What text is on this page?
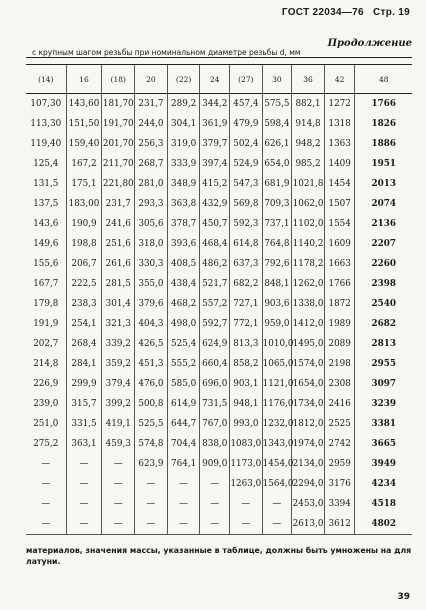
ГОСТ 22034—76 Стр. 19
Продолжение
с крупным шагом резьбы при номинальном диаметре резьбы d, мм
(14)	16	(18)	20	(22)	24	(27)	30	36	42	48
107,30	143,60	181,70	231,7	289,2	344,2	457,4	575,5	882,1	1272	1766
113,30	151,50	191,70	244,0	304,1	361,9	479,9	598,4	914,8	1318	1826
119,40	159,40	201,70	256,3	319,0	379,7	502,4	626,1	948,2	1363	1886
125,4	167,2	211,70	268,7	333,9	397,4	524,9	654,0	985,2	1409	1951
131,5	175,1	221,80	281,0	348,9	415,2	547,3	681,9	1021,8	1454	2013
137,5	183,00	231,7	293,3	363,8	432,9	569,8	709,3	1062,0	1507	2074
143,6	190,9	241,6	305,6	378,7	450,7	592,3	737,1	1102,0	1554	2136
149,6	198,8	251,6	318,0	393,6	468,4	614,8	764,8	1140,2	1609	2207
155,6	206,7	261,6	330,3	408,5	486,2	637,3	792,6	1178,2	1663	2260
167,7	222,5	281,5	355,0	438,4	521,7	682,2	848,1	1262,0	1766	2398
179,8	238,3	301,4	379,6	468,2	557,2	727,1	903,6	1338,0	1872	2540
191,9	254,1	321,3	404,3	498,0	592,7	772,1	959,0	1412,0	1989	2682
202,7	268,4	339,2	426,5	525,4	624,9	813,3	1010,0	1495,0	2089	2813
214,8	284,1	359,2	451,3	555,2	660,4	858,2	1065,0	1574,0	2198	2955
226,9	299,9	379,4	476,0	585,0	696,0	903,1	1121,0	1654,0	2308	3097
239,0	315,7	399,2	500,8	614,9	731,5	948,1	1176,0	1734,0	2416	3239
251,0	331,5	419,1	525,5	644,7	767,0	993,0	1232,0	1812,0	2525	3381
275,2	363,1	459,3	574,8	704,4	838,0	1083,0	1343,0	1974,0	2742	3665
—	—	—	623,9	764,1	909,0	1173,0	1454,0	2134,0	2959	3949
—	—	—	—	—	—	1263,0	1564,0	2294,0	3176	4234
—	—	—	—	—	—	—	—	2453,0	3394	4518
—	—	—	—	—	—	—	—	2613,0	3612	4802
материалов, значения массы, указанные в таблице, должны быть умножены на для латуни.
39
